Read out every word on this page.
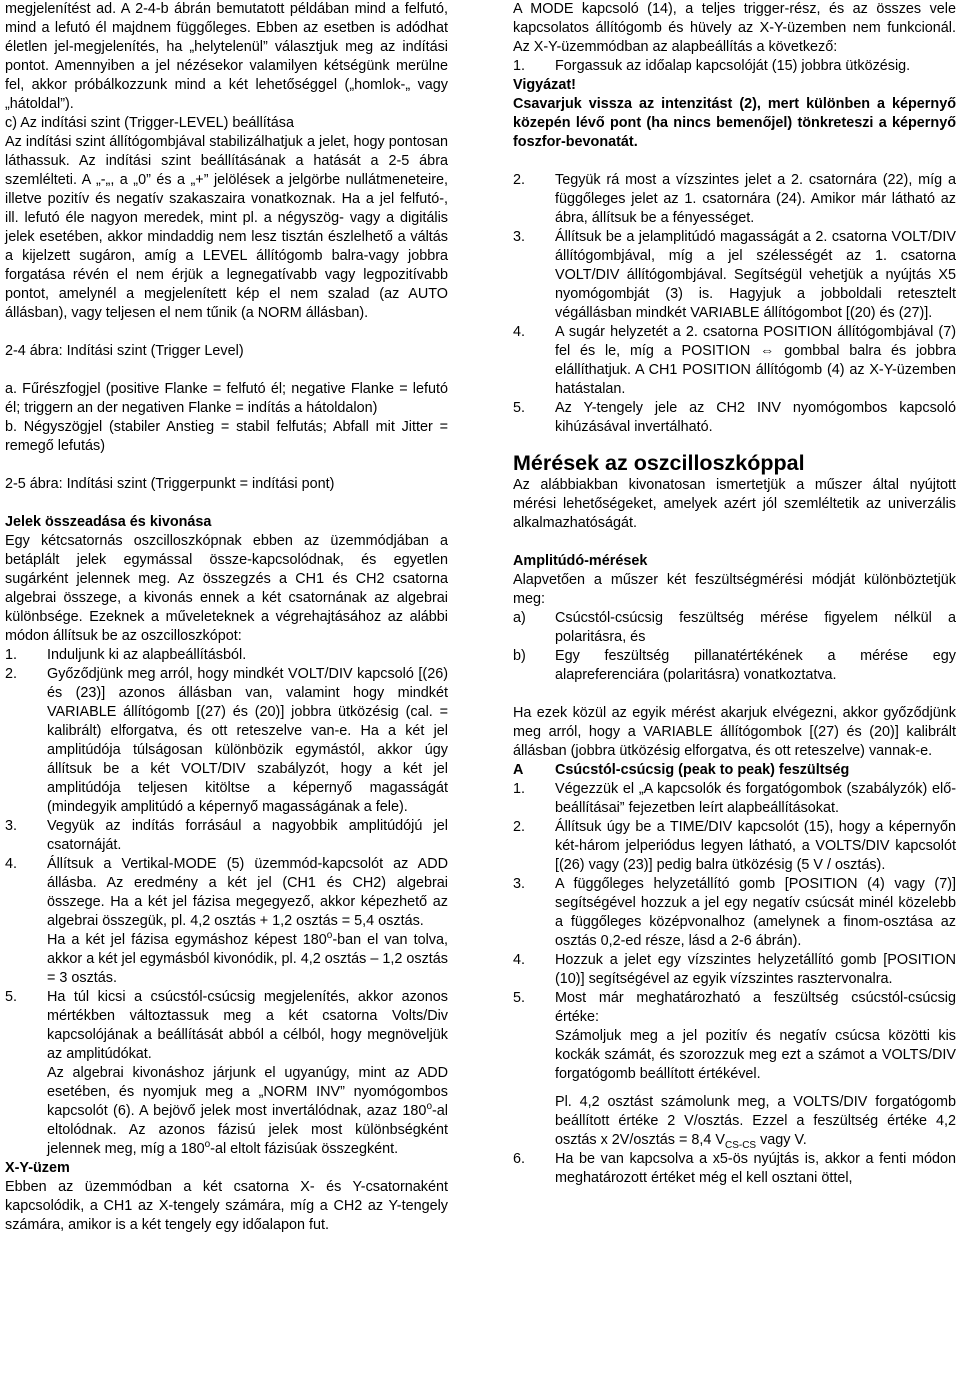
megjelenítést ad. A 2-4-b ábrán bemutatott példában mind a felfutó, mind a lefutó él majdnem függőleges. Ebben az esetben is adódhat életlen jel-megjelenítés, ha „helytelenül” választjuk meg az indítási pontot. Amennyiben a jel nézésekor valamilyen kétségünk merülne fel, akkor próbálkozzunk mind a két lehetőséggel („homlok-„ vagy „hátoldal”).

c) Az indítási szint (Trigger-LEVEL) beállítása

Az indítási szint állítógombjával stabilizálhatjuk a jelet, hogy pontosan láthassuk. Az indítási szint beállításának a hatását a 2-5 ábra szemlélteti. A „-„, a „0” és a „+” jelölések a jelgörbe nullátmeneteire, illetve pozitív és negatív szakaszaira vonatkoznak. Ha a jel felfutó-, ill. lefutó éle nagyon meredek, mint pl. a négyszög- vagy a digitális jelek esetében, akkor mindaddig nem lesz tisztán észlelhető a váltás a kijelzett sugáron, amíg a LEVEL állítógomb balra-vagy jobbra forgatása révén el nem érjük a legnegatívabb vagy legpozitívabb pontot, amelynél a megjelenített kép el nem szalad (az AUTO állásban), vagy teljesen el nem tűnik (a NORM állásban).

2-4 ábra: Indítási szint (Trigger Level)

a. Fűrészfogjel (positive Flanke = felfutó él; negative Flanke = lefutó él; triggern an der negativen Flanke = indítás a hátoldalon)

b. Négyszögjel (stabiler Anstieg = stabil felfutás; Abfall mit Jitter = remegő lefutás)

2-5 ábra: Indítási szint (Triggerpunkt = indítási pont)

Jelek összeadása és kivonása

Egy kétcsatornás oszcilloszkópnak ebben az üzemmódjában a betáplált jelek egymással össze-kapcsolódnak, és egyetlen sugárként jelennek meg. Az összegzés a CH1 és CH2 csatorna algebrai összege, a kivonás ennek a két csatornának az algebrai különbsége. Ezeknek a műveleteknek a végrehajtásához az alábbi módon állítsuk be az oszcilloszkópot:

1.	Induljunk ki az alapbeállításból.

2.	Győződjünk meg arról, hogy mindkét VOLT/DIV kapcsoló [(26) és (23)] azonos állásban van, valamint hogy mindkét VARIABLE állítógomb [(27) és (20)] jobbra ütközésig (cal. = kalibrált) elforgatva, és ott reteszelve van-e. Ha a két jel amplitúdója túlságosan különbözik egymástól, akkor úgy állítsuk be a két VOLT/DIV szabályzót, hogy a két jel amplitúdója teljesen kitöltse a képernyő magasságát (mindegyik amplitúdó a képernyő magasságának a fele).

3.	Vegyük az indítás forrásául a nagyobbik amplitúdójú jel csatornáját.

4.	Állítsuk a Vertikal-MODE (5) üzemmód-kapcsolót az ADD állásba. Az eredmény a két jel (CH1 és CH2) algebrai összege. Ha a két jel fázisa megegyező, akkor képezhető az algebrai összegük, pl. 4,2 osztás + 1,2 osztás = 5,4 osztás.

Ha a két jel fázisa egymáshoz képest 180$^o$-ban el van tolva, akkor a két jel egymásból kivonódik, pl. 4,2 osztás – 1,2 osztás = 3 osztás.

5.	Ha túl kicsi a csúcstól-csúcsig megjelenítés, akkor azonos mértékben változtassuk meg a két csatorna Volts/Div kapcsolójának a beállítását abból a célból, hogy megnöveljük az amplitúdókat.

Az algebrai kivonáshoz járjunk el ugyanúgy, mint az ADD esetében, és nyomjuk meg a „NORM INV” nyomógombos kapcsolót (6). A bejövő jelek most invertálódnak, azaz 180$^o$-al eltolódnak. Az azonos fázisú jelek most különbségként jelennek meg, míg a 180$^o$-al eltolt fázisúak összegként.

X-Y-üzem

Ebben az üzemmódban a két csatorna X- és Y-csatornaként kapcsolódik, a CH1 az X-tengely számára, míg a CH2 az Y-tengely számára, amikor is a két tengely egy időalapon fut.

A MODE kapcsoló (14), a teljes trigger-rész, és az összes vele kapcsolatos állítógomb és hüvely az X-Y-üzemben nem funkcionál. Az X-Y-üzemmódban az alapbeállítás a következő:

1.	Forgassuk az időalap kapcsolóját (15) jobbra ütközésig.

Vigyázat!

Csavarjuk vissza az intenzitást (2), mert különben a képernyő közepén lévő pont (ha nincs bemenőjel) tönkreteszi a képernyő foszfor-bevonatát.

2.	Tegyük rá most a vízszintes jelet a 2. csatornára (22), míg a függőleges jelet az 1. csatornára (24). Amikor már látható az ábra, állítsuk be a fényességet.

3.	Állítsuk be a jelamplitúdó magasságát a 2. csatorna VOLT/DIV állítógombjával, míg a jel szélességét az 1. csatorna VOLT/DIV állítógombjával. Segítségül vehetjük a nyújtás X5 nyomógombját (3) is. Hagyjuk a jobboldali retesztelt végállásban mindkét VARIABLE állítógombot [(20) és (27)].

4.	A sugár helyzetét a 2. csatorna POSITION állítógombjával (7) fel és le, míg a POSITION ⇔ gombbal balra és jobbra elállíthatjuk. A CH1 POSITION állítógomb (4) az X-Y-üzemben hatástalan.

5.	Az Y-tengely jele az CH2 INV nyomógombos kapcsoló kihúzásával invertálható.

Mérések az oszcilloszkóppal

Az alábbiakban kivonatosan ismertetjük a műszer által nyújtott mérési lehetőségeket, amelyek azért jól szemléltetik az univerzális alkalmazhatóságát.

Amplitúdó-mérések

Alapvetően a műszer két feszültségmérési módját különböztetjük meg:

a)	Csúcstól-csúcsig feszültség mérése figyelem nélkül a polaritásra, és

b)	Egy feszültség pillanatértékének a mérése egy alapreferenciára (polaritásra) vonatkoztatva.

Ha ezek közül az egyik mérést akarjuk elvégezni, akkor győződjünk meg arról, hogy a VARIABLE állítógombok [(27) és (20)] kalibrált állásban (jobbra ütközésig elforgatva, és ott reteszelve) vannak-e.

A	Csúcstól-csúcsig (peak to peak) feszültség
1.	Végezzük el „A kapcsolók és forgatógombok (szabályzók) elő-beállításai” fejezetben leírt alapbeállításokat.

2.	Állítsuk úgy be a TIME/DIV kapcsolót (15), hogy a képernyőn két-három jelperiódus legyen látható, a VOLTS/DIV kapcsolót [(26) vagy (23)] pedig balra ütközésig (5 V / osztás).

3.	A függőleges helyzetállító gomb [POSITION (4) vagy (7)] segítségével hozzuk a jel egy negatív csúcsát minél közelebb a függőleges középvonalhoz (amelynek a finom-osztása az osztás 0,2-ed része, lásd a 2-6 ábrán).

4.	Hozzuk a jelet egy vízszintes helyzetállító gomb [POSITION (10)] segítségével az egyik vízszintes rasztervonalra.

5.	Most már meghatározható a feszültség csúcstól-csúcsig értéke:

Számoljuk meg a jel pozitív és negatív csúcsa közötti kis kockák számát, és szorozzuk meg ezt a számot a VOLTS/DIV forgatógomb beállított értékével.

Pl. 4,2 osztást számolunk meg, a VOLTS/DIV forgatógomb beállított értéke 2 V/osztás. Ezzel a feszültség értéke 4,2 osztás x 2V/osztás = 8,4 $V_{CS-CS}$ vagy V.

6.	Ha be van kapcsolva a x5-ös nyújtás is, akkor a fenti módon meghatározott értéket még el kell osztani öttel,
